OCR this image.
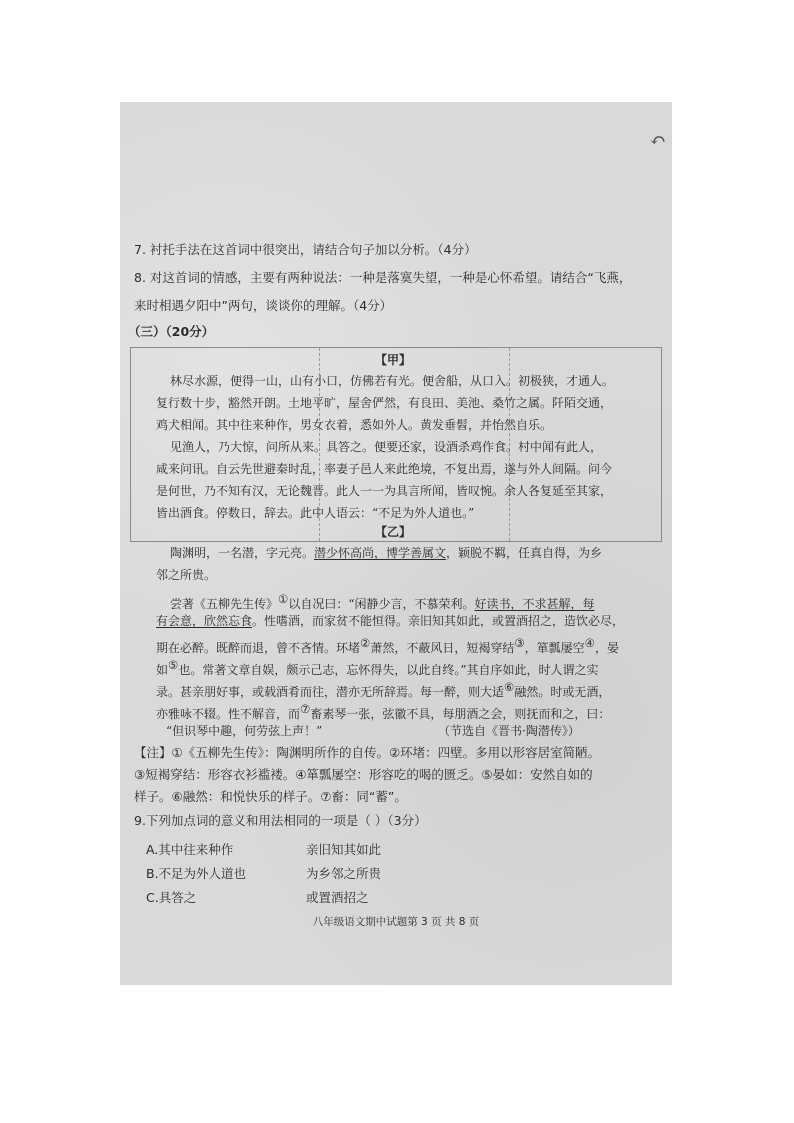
↶
7. 衬托手法在这首词中很突出，请结合句子加以分析。（4分）
8. 对这首词的情感，主要有两种说法：一种是落寞失望，一种是心怀希望。请结合“飞燕，
来时相遇夕阳中”两句，谈谈你的理解。（4分）
（三）（20分）
【甲】
林尽水源，便得一山，山有小口，仿佛若有光。便舍船，从口入。初极狭，才通人。
复行数十步，豁然开朗。土地平旷，屋舍俨然，有良田、美池、桑竹之属。阡陌交通，
鸡犬相闻。其中往来种作，男女衣着，悉如外人。黄发垂髫，并怡然自乐。
见渔人，乃大惊，问所从来。具答之。便要还家，设酒杀鸡作食。村中闻有此人，
咸来问讯。自云先世避秦时乱，率妻子邑人来此绝境，不复出焉，遂与外人间隔。问今
是何世，乃不知有汉，无论魏晋。此人一一为具言所闻，皆叹惋。余人各复延至其家，
皆出酒食。停数日，辞去。此中人语云：“不足为外人道也。”
【乙】
陶渊明，一名潜，字元亮。潜少怀高尚，博学善属文，颖脱不羁，任真自得，为乡
邻之所贵。
尝著《五柳先生传》①以自况曰：“闲静少言，不慕荣利。好读书，不求甚解，每
有会意，欣然忘食。性嗜酒，而家贫不能恒得。亲旧知其如此，或置酒招之，造饮必尽，
期在必醉。既醉而退，曾不吝情。环堵②萧然，不蔽风日，短褐穿结③，箪瓢屡空④，晏
如⑤也。常著文章自娱，颇示己志，忘怀得失，以此自终。”其自序如此，时人谓之实
录。甚亲朋好事，或载酒肴而往，潜亦无所辞焉。每一醉，则大适⑥融然。时或无酒，
亦雅咏不辍。性不解音，而⑦畜素琴一张，弦徽不具，每朋酒之会，则抚而和之，曰：
“但识琴中趣，何劳弦上声！”	（节选自《晋书·陶潜传》）
【注】①《五柳先生传》：陶渊明所作的自传。②环堵：四壁。多用以形容居室简陋。
③短褐穿结：形容衣衫褴褛。④箪瓢屡空：形容吃的喝的匮乏。⑤晏如：安然自如的
样子。⑥融然：和悦快乐的样子。⑦畜：同“蓄”。
9.下列加点词的意义和用法相同的一项是（ ）（3分）
A.其中往来种作	亲旧知其如此
B.不足为外人道也	为乡邻之所贵
C.具答之	或置酒招之
八年级语文期中试题第 3 页 共 8 页
